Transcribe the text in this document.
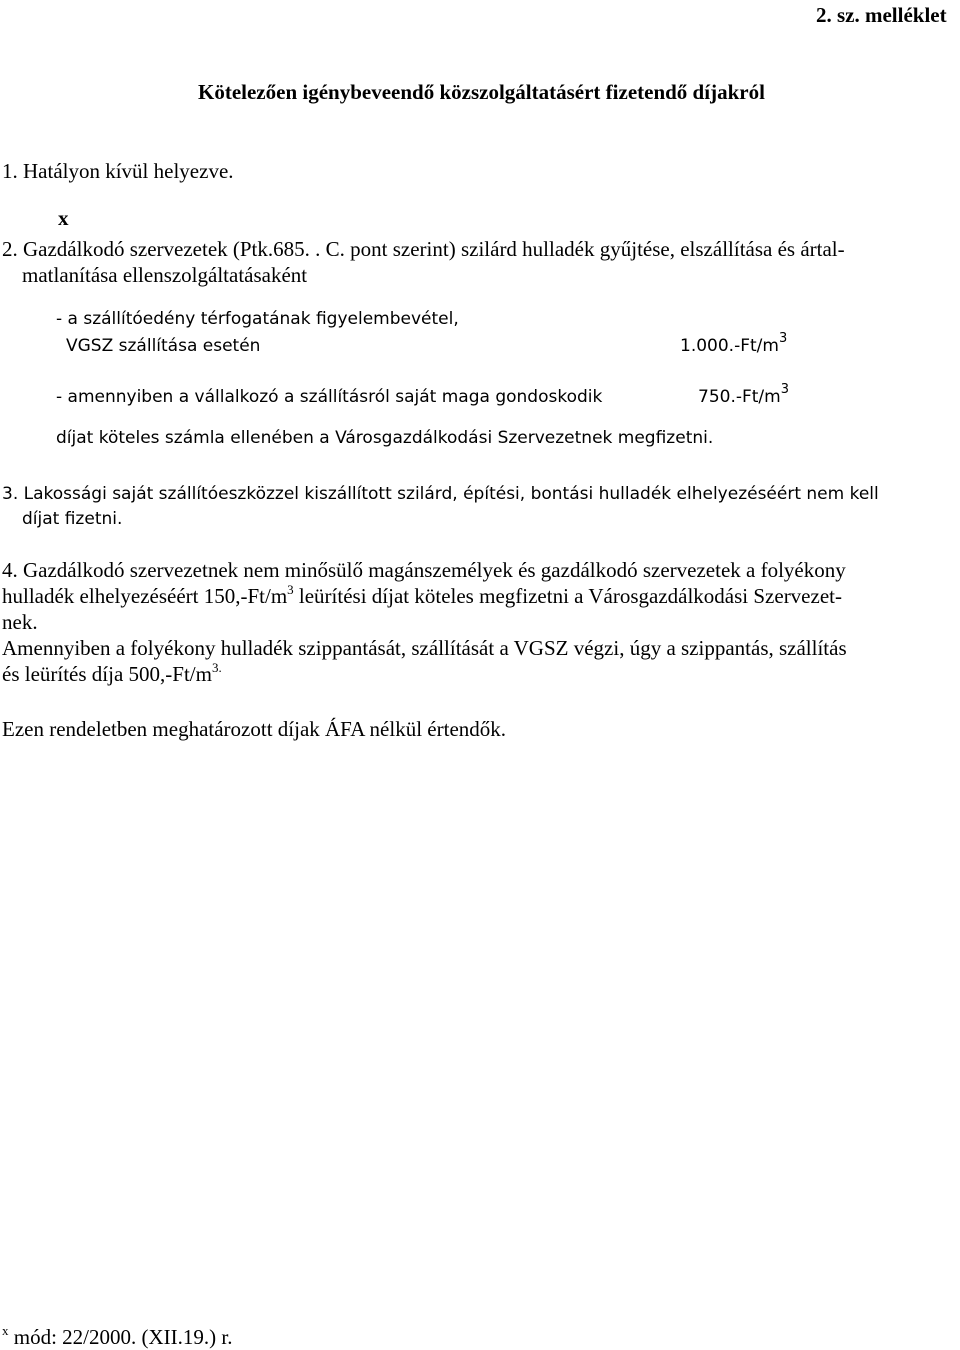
2. sz. melléklet

Kötelezően igénybeveendő közszolgáltatásért fizetendő díjakról

1. Hatályon kívül helyezve.

x

2. Gazdálkodó szervezetek (Ptk.685. . C. pont szerint) szilárd hulladék gyűjtése, elszállítása és ártal-

matlanítása ellenszolgáltatásaként

- a szállítóedény térfogatának figyelembevétel,

VGSZ szállítása esetén	$1.000.-Ft/m^3$

- amennyiben a vállalkozó a szállításról saját maga gondoskodik	$750.-Ft/m^3$

díjat köteles számla ellenében a Városgazdálkodási Szervezetnek megfizetni.

3. Lakossági saját szállítóeszközzel kiszállított szilárd, építési, bontási hulladék elhelyezéséért nem kell

díjat fizetni.

4. Gazdálkodó szervezetnek nem minősülő magánszemélyek és gazdálkodó szervezetek a folyékony

hulladék elhelyezéséért $150,-Ft/m^3$ leürítési díjat köteles megfizetni a Városgazdálkodási Szervezet-

nek.

Amennyiben a folyékony hulladék szippantását, szállítását a VGSZ végzi, úgy a szippantás, szállítás

és leürítés díja $500,-Ft/m^{3.}$

Ezen rendeletben meghatározott díjak ÁFA nélkül értendők.

$^x$ mód: 22/2000. (XII.19.) r.
